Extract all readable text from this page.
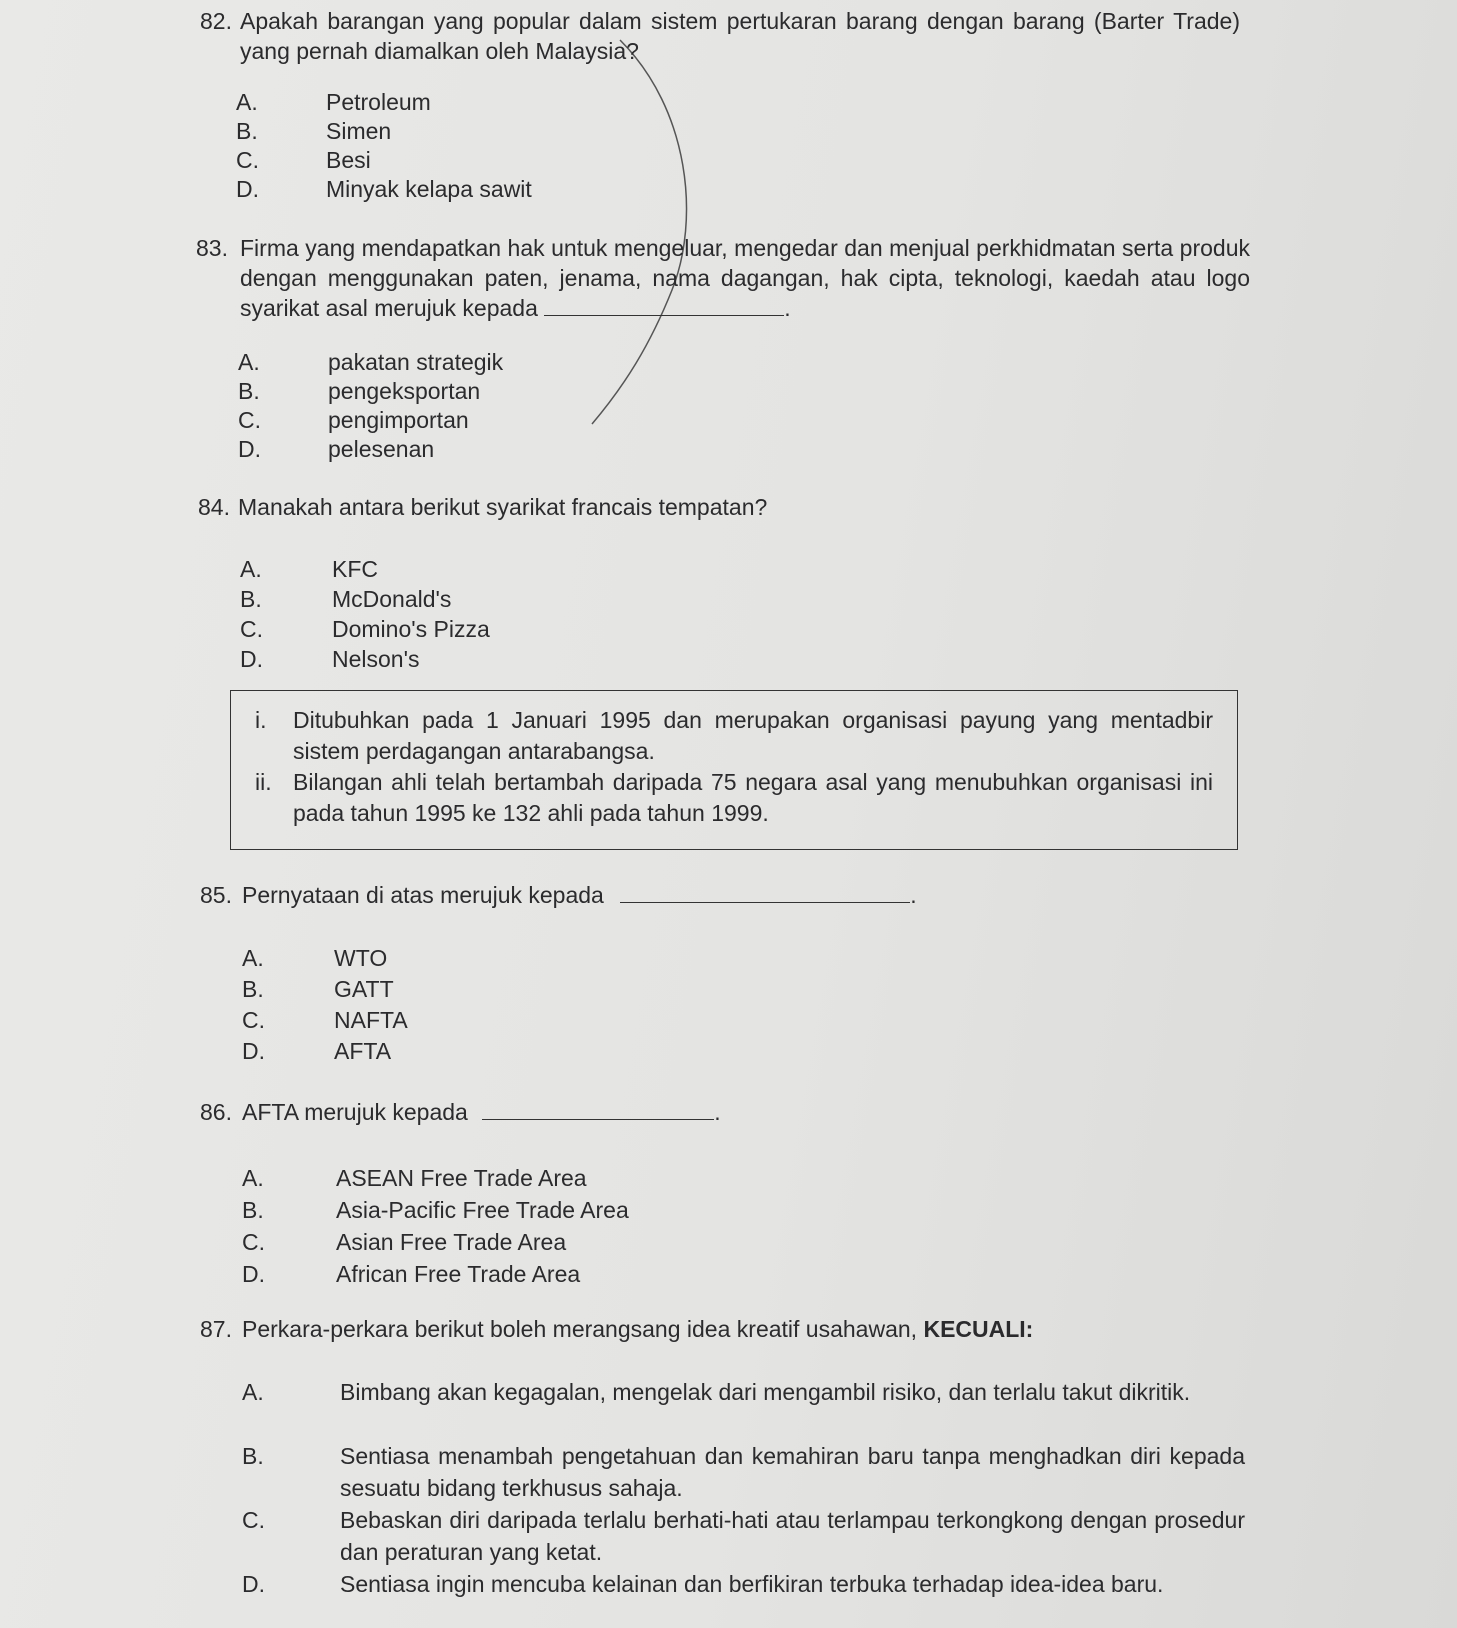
82. Apakah barangan yang popular dalam sistem pertukaran barang dengan barang (Barter Trade) yang pernah diamalkan oleh Malaysia?
A.	Petroleum
B.	Simen
C.	Besi
D.	Minyak kelapa sawit
83. Firma yang mendapatkan hak untuk mengeluar, mengedar dan menjual perkhidmatan serta produk dengan menggunakan paten, jenama, nama dagangan, hak cipta, teknologi, kaedah atau logo syarikat asal merujuk kepada	.
A.	pakatan strategik
B.	pengeksportan
C.	pengimportan
D.	pelesenan
84. Manakah antara berikut syarikat francais tempatan?
A.	KFC
B.	McDonald's
C.	Domino's Pizza
D.	Nelson's
i. Ditubuhkan pada 1 Januari 1995 dan merupakan organisasi payung yang mentadbir sistem perdagangan antarabangsa.
ii. Bilangan ahli telah bertambah daripada 75 negara asal yang menubuhkan organisasi ini pada tahun 1995 ke 132 ahli pada tahun 1999.
85. Pernyataan di atas merujuk kepada	.
A.	WTO
B.	GATT
C.	NAFTA
D.	AFTA
86. AFTA merujuk kepada	.
A.	ASEAN Free Trade Area
B.	Asia-Pacific Free Trade Area
C.	Asian Free Trade Area
D.	African Free Trade Area
87. Perkara-perkara berikut boleh merangsang idea kreatif usahawan, KECUALI:
A.	Bimbang akan kegagalan, mengelak dari mengambil risiko, dan terlalu takut dikritik.
B.	Sentiasa menambah pengetahuan dan kemahiran baru tanpa menghadkan diri kepada sesuatu bidang terkhusus sahaja.
C.	Bebaskan diri daripada terlalu berhati-hati atau terlampau terkongkong dengan prosedur dan peraturan yang ketat.
D.	Sentiasa ingin mencuba kelainan dan berfikiran terbuka terhadap idea-idea baru.
